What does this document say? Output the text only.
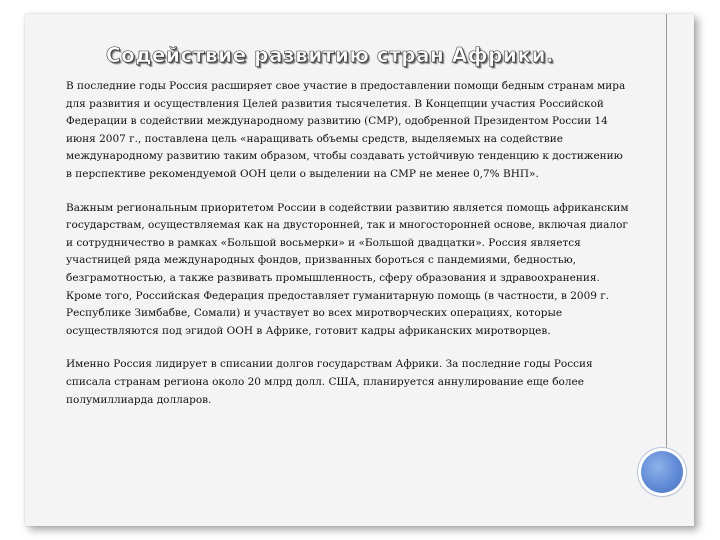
Содействие развитию стран Африки.

В последние годы Россия расширяет свое участие в предоставлении помощи бедным странам мира для развития и осуществления Целей развития тысячелетия. В Концепции участия Российской Федерации в содействии международному развитию (СМР), одобренной Президентом России 14 июня 2007 г., поставлена цель «наращивать объемы средств, выделяемых на содействие международному развитию таким образом, чтобы создавать устойчивую тенденцию к достижению в перспективе рекомендуемой ООН цели о выделении на СМР не менее 0,7% ВНП».

Важным региональным приоритетом России в содействии развитию является помощь африканским государствам, осуществляемая как на двусторонней, так и многосторонней основе, включая диалог и сотрудничество в рамках «Большой восьмерки» и «Большой двадцатки». Россия является участницей ряда международных фондов, призванных бороться с пандемиями, бедностью, безграмотностью, а также развивать промышленность, сферу образования и здравоохранения. Кроме того, Российская Федерация предоставляет гуманитарную помощь (в частности, в 2009 г. Республике Зимбабве, Сомали) и участвует во всех миротворческих операциях, которые осуществляются под эгидой ООН в Африке, готовит кадры африканских миротворцев.

Именно Россия лидирует в списании долгов государствам Африки. За последние годы Россия списала странам региона около 20 млрд долл. США, планируется аннулирование еще более полумиллиарда долларов.
